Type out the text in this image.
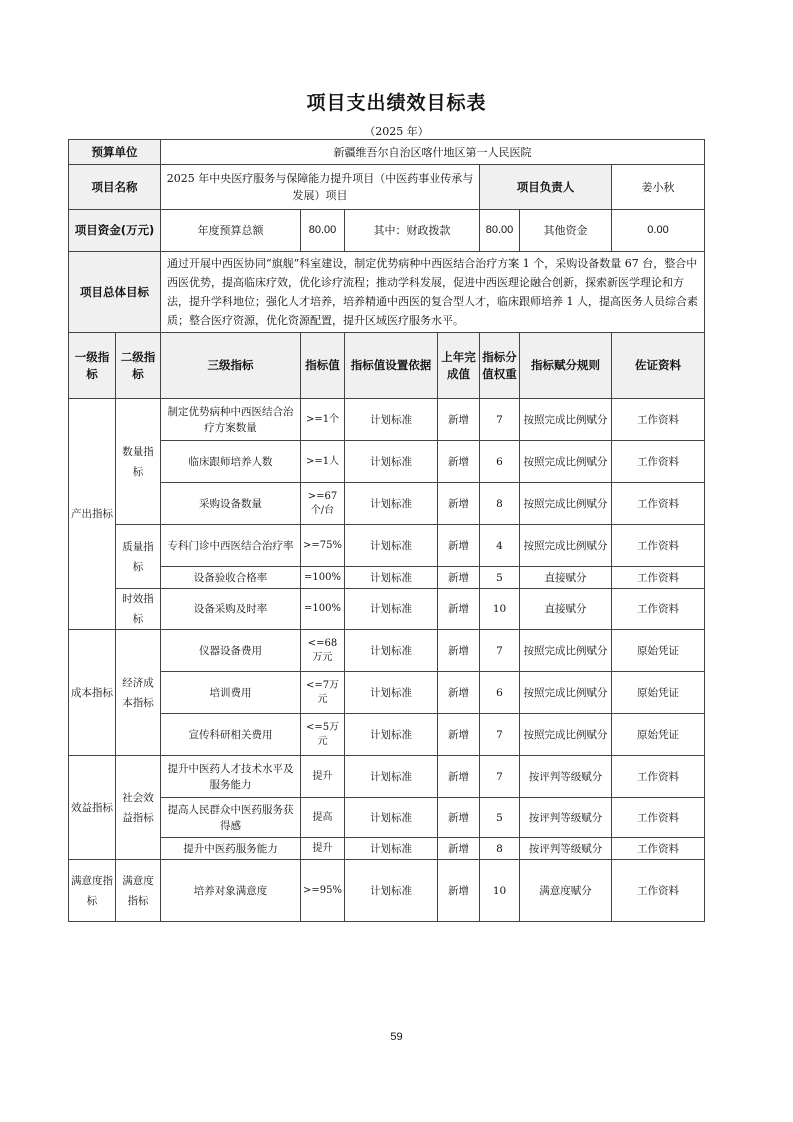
项目支出绩效目标表
（2025 年）
预算单位		新疆维吾尔自治区喀什地区第一人民医院						
项目名称		2025 年中央医疗服务与保障能力提升项目（中医药事业传承与发展）项目				项目负责人		姜小秋
项目资金(万元)		年度预算总额	80.00	其中：财政拨款		80.00	其他资金	0.00
项目总体目标		通过开展中西医协同“旗舰”科室建设，制定优势病种中西医结合治疗方案 1 个，采购设备数量 67 台，整合中西医优势，提高临床疗效，优化诊疗流程；推动学科发展，促进中西医理论融合创新，探索新医学理论和方法，提升学科地位；强化人才培养，培养精通中西医的复合型人才，临床跟师培养 1 人，提高医务人员综合素质；整合医疗资源，优化资源配置，提升区域医疗服务水平。						
一级指标	二级指标	三级指标	指标值	指标值设置依据	上年完成值	指标分值权重	指标赋分规则	佐证资料
产出指标	数量指标	制定优势病种中西医结合治疗方案数量	>=1个	计划标准	新增	7	按照完成比例赋分	工作资料
		临床跟师培养人数	>=1人	计划标准	新增	6	按照完成比例赋分	工作资料
		采购设备数量	>=67个/台	计划标准	新增	8	按照完成比例赋分	工作资料
	质量指标	专科门诊中西医结合治疗率	>=75%	计划标准	新增	4	按照完成比例赋分	工作资料
		设备验收合格率	=100%	计划标准	新增	5	直接赋分	工作资料
	时效指标	设备采购及时率	=100%	计划标准	新增	10	直接赋分	工作资料
成本指标	经济成本指标	仪器设备费用	<=68万元	计划标准	新增	7	按照完成比例赋分	原始凭证
		培训费用	<=7万元	计划标准	新增	6	按照完成比例赋分	原始凭证
		宣传科研相关费用	<=5万元	计划标准	新增	7	按照完成比例赋分	原始凭证
效益指标	社会效益指标	提升中医药人才技术水平及服务能力	提升	计划标准	新增	7	按评判等级赋分	工作资料
		提高人民群众中医药服务获得感	提高	计划标准	新增	5	按评判等级赋分	工作资料
		提升中医药服务能力	提升	计划标准	新增	8	按评判等级赋分	工作资料
满意度指标	满意度指标	培养对象满意度	>=95%	计划标准	新增	10	满意度赋分	工作资料
59
